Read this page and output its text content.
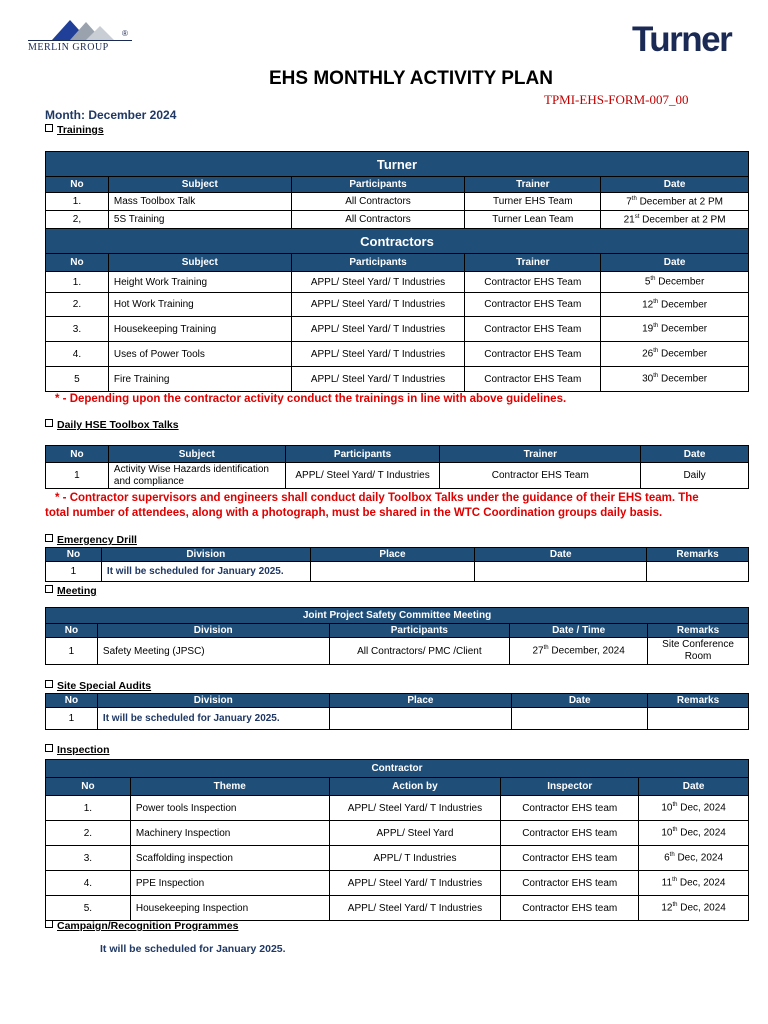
®
MERLIN GROUP	Turner
EHS MONTHLY ACTIVITY PLAN
TPMI-EHS-FORM-007_00
Month: December 2024
Trainings
Turner				
No	Subject	Participants	Trainer	Date
1.	Mass Toolbox Talk	All Contractors	Turner EHS Team	7th December at 2 PM
2,	5S Training	All Contractors	Turner Lean Team	21st December at 2 PM
Contractors				
No	Subject	Participants	Trainer	Date
1.	Height Work Training	APPL/ Steel Yard/ T Industries	Contractor EHS Team	5th December
2.	Hot Work Training	APPL/ Steel Yard/ T Industries	Contractor EHS Team	12th December
3.	Housekeeping Training	APPL/ Steel Yard/ T Industries	Contractor EHS Team	19th December
4.	Uses of Power Tools	APPL/ Steel Yard/ T Industries	Contractor EHS Team	26th December
5	Fire Training	APPL/ Steel Yard/ T Industries	Contractor EHS Team	30th December
* - Depending upon the contractor activity conduct the trainings in line with above guidelines.
Daily HSE Toolbox Talks
No	Subject	Participants	Trainer	Date
1	Activity Wise Hazards identification and compliance	APPL/ Steel Yard/ T Industries	Contractor EHS Team	Daily
* - Contractor supervisors and engineers shall conduct daily Toolbox Talks under the guidance of their EHS team. The
total number of attendees, along with a photograph, must be shared in the WTC Coordination groups daily basis.
Emergency Drill
No	Division	Place	Date	Remarks
1	It will be scheduled for January 2025.			
Meeting
Joint Project Safety Committee Meeting				
No	Division	Participants	Date / Time	Remarks
1	Safety Meeting (JPSC)	All Contractors/ PMC /Client	27th December, 2024	Site Conference Room
Site Special Audits
No	Division	Place	Date	Remarks
1	It will be scheduled for January 2025.			
Inspection
Contractor				
No	Theme	Action by	Inspector	Date
1.	Power tools Inspection	APPL/ Steel Yard/ T Industries	Contractor EHS team	10th Dec, 2024
2.	Machinery Inspection	APPL/ Steel Yard	Contractor EHS team	10th Dec, 2024
3.	Scaffolding inspection	APPL/ T Industries	Contractor EHS team	6th Dec, 2024
4.	PPE Inspection	APPL/ Steel Yard/ T Industries	Contractor EHS team	11th Dec, 2024
5.	Housekeeping Inspection	APPL/ Steel Yard/ T Industries	Contractor EHS team	12th Dec, 2024
Campaign/Recognition Programmes
It will be scheduled for January 2025.
